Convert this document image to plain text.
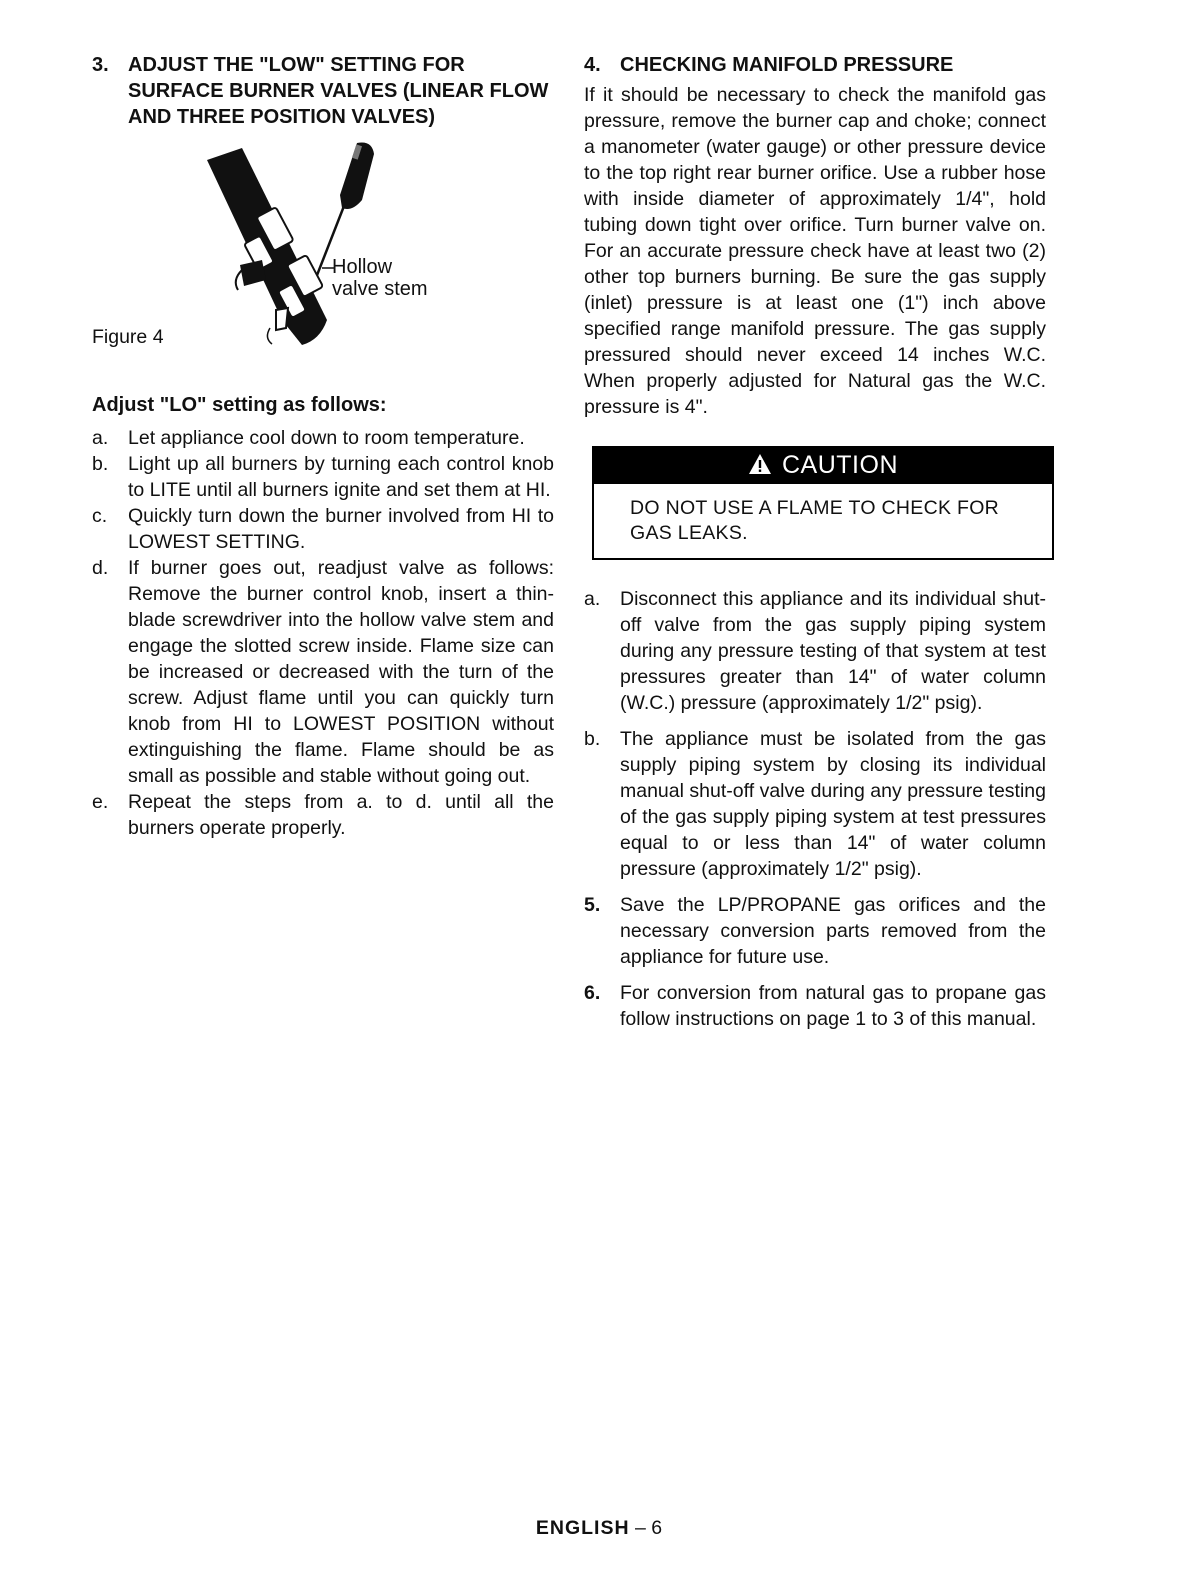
3. ADJUST THE "LOW" SETTING FOR SURFACE BURNER VALVES (LINEAR FLOW AND THREE POSITION VALVES)
Hollow
valve stem
Figure 4
Adjust "LO" setting as follows:
a.	Let appliance cool down to room temperature.
b.	Light up all burners by turning each control knob to LITE until all burners ignite and set them at HI.
c.	Quickly turn down the burner involved from HI to LOWEST SETTING.
d.	If burner goes out, readjust valve as follows: Remove the burner control knob, insert a thin-blade screwdriver into the hollow valve stem and engage the slotted screw inside. Flame size can be increased or decreased with the turn of the screw. Adjust flame until you can quickly turn knob from HI to LOWEST POSITION without extinguishing the flame. Flame should be as small as possible and stable without going out.
e.	Repeat the steps from a. to d. until all the burners operate properly.
4. CHECKING MANIFOLD PRESSURE

If it should be necessary to check the manifold gas pressure, remove the burner cap and choke; connect a manometer (water gauge) or other pressure device to the top right rear burner orifice. Use a rubber hose with inside diameter of approximately 1/4", hold tubing down tight over orifice. Turn burner valve on. For an accurate pressure check have at least two (2) other top burners burning. Be sure the gas supply (inlet) pressure is at least one (1") inch above specified range manifold pressure. The gas supply pressured should never exceed 14 inches W.C. When properly adjusted for Natural gas the W.C. pressure is 4".

CAUTION
DO NOT USE A FLAME TO CHECK FOR GAS LEAKS.
a.	Disconnect this appliance and its individual shut-off valve from the gas supply piping system during any pressure testing of that system at test pressures greater than 14" of water column (W.C.) pressure (approximately 1/2" psig).
b.	The appliance must be isolated from the gas supply piping system by closing its individual manual shut-off valve during any pressure testing of the gas supply piping system at test pressures equal to or less than 14" of water column pressure (approximately 1/2" psig).
5.	Save the LP/PROPANE gas orifices and the necessary conversion parts removed from the appliance for future use.
6.	For conversion from natural gas to propane gas follow instructions on page 1 to 3 of this manual.
ENGLISH – 6
